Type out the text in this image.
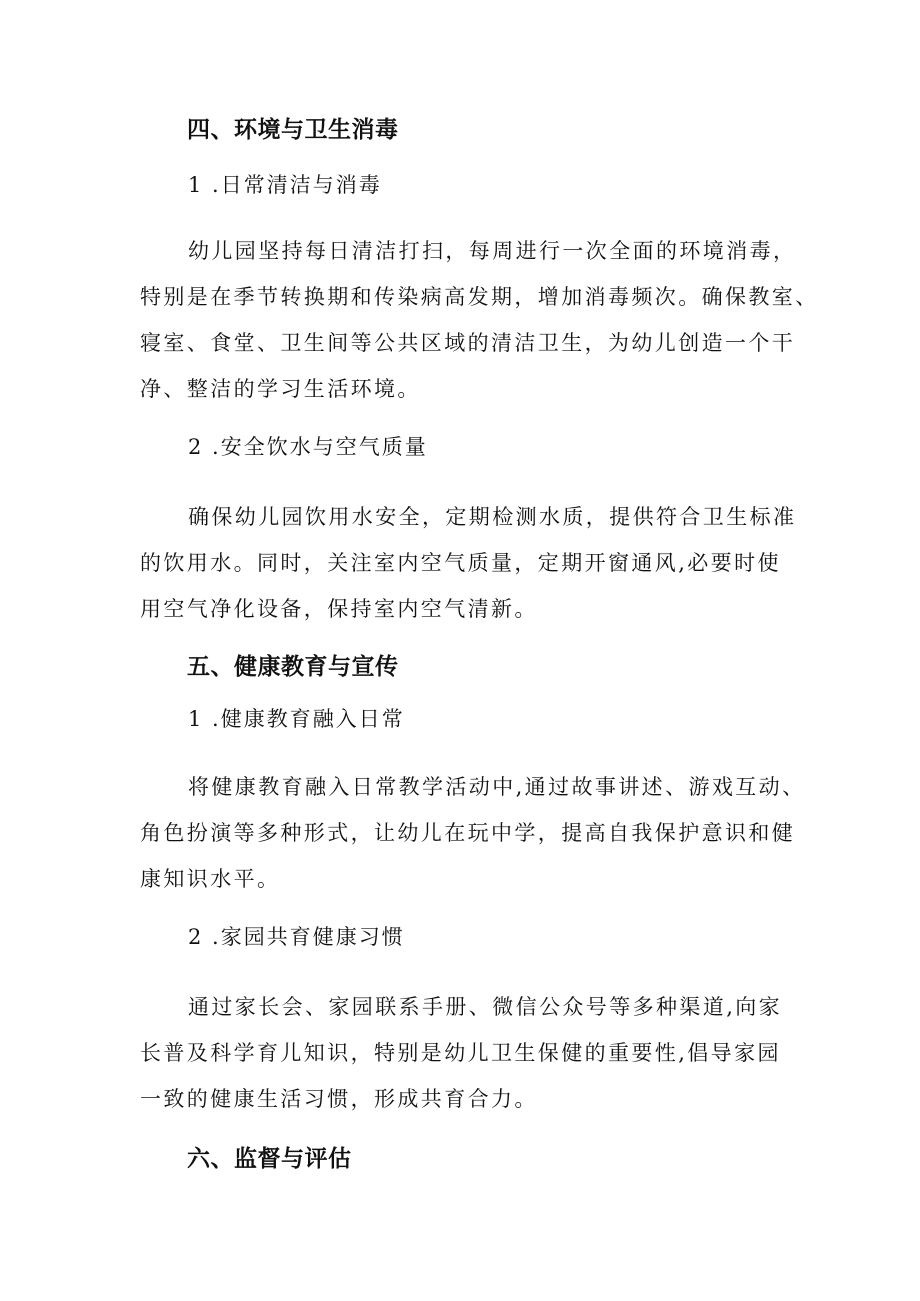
四、环境与卫生消毒
1 .日常清洁与消毒
幼儿园坚持每日清洁打扫，每周进行一次全面的环境消毒，
特别是在季节转换期和传染病高发期，增加消毒频次。确保教室、
寝室、食堂、卫生间等公共区域的清洁卫生，为幼儿创造一个干
净、整洁的学习生活环境。
2 .安全饮水与空气质量
确保幼儿园饮用水安全，定期检测水质，提供符合卫生标准
的饮用水。同时，关注室内空气质量，定期开窗通风,必要时使
用空气净化设备，保持室内空气清新。
五、健康教育与宣传
1 .健康教育融入日常
将健康教育融入日常教学活动中,通过故事讲述、游戏互动、
角色扮演等多种形式，让幼儿在玩中学，提高自我保护意识和健
康知识水平。
2 .家园共育健康习惯
通过家长会、家园联系手册、微信公众号等多种渠道,向家
长普及科学育儿知识，特别是幼儿卫生保健的重要性,倡导家园
一致的健康生活习惯，形成共育合力。
六、监督与评估
